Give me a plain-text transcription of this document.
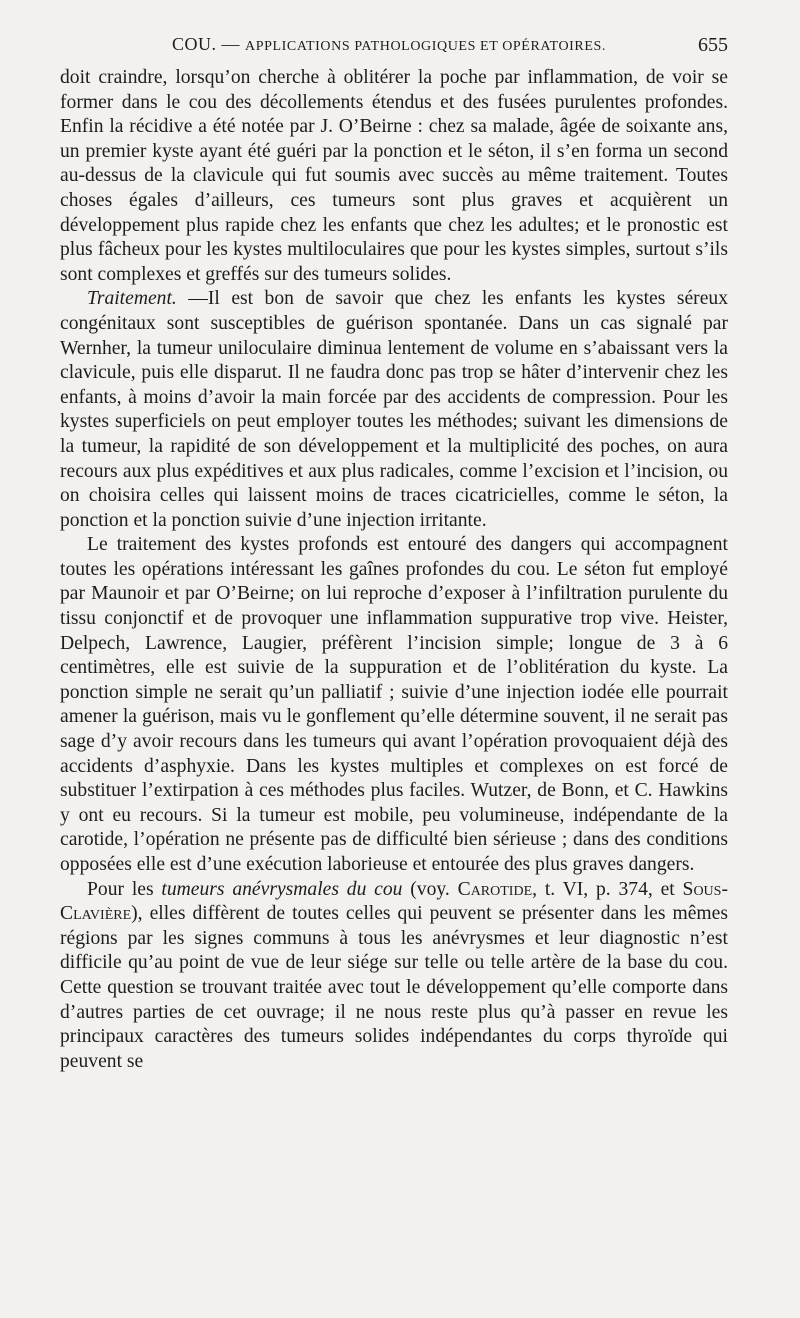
COU. — APPLICATIONS PATHOLOGIQUES ET OPÉRATOIRES.	655

doit craindre, lorsqu’on cherche à oblitérer la poche par inflammation, de voir se former dans le cou des décollements étendus et des fusées purulentes profondes. Enfin la récidive a été notée par J. O’Beirne : chez sa malade, âgée de soixante ans, un premier kyste ayant été guéri par la ponction et le séton, il s’en forma un second au-dessus de la clavicule qui fut soumis avec succès au même traitement. Toutes choses égales d’ailleurs, ces tumeurs sont plus graves et acquièrent un développement plus rapide chez les enfants que chez les adultes; et le pronostic est plus fâcheux pour les kystes multiloculaires que pour les kystes simples, surtout s’ils sont complexes et greffés sur des tumeurs solides.

Traitement. —Il est bon de savoir que chez les enfants les kystes séreux congénitaux sont susceptibles de guérison spontanée. Dans un cas signalé par Wernher, la tumeur uniloculaire diminua lentement de volume en s’abaissant vers la clavicule, puis elle disparut. Il ne faudra donc pas trop se hâter d’intervenir chez les enfants, à moins d’avoir la main forcée par des accidents de compression. Pour les kystes superficiels on peut employer toutes les méthodes; suivant les dimensions de la tumeur, la rapidité de son développement et la multiplicité des poches, on aura recours aux plus expéditives et aux plus radicales, comme l’excision et l’incision, ou on choisira celles qui laissent moins de traces cicatricielles, comme le séton, la ponction et la ponction suivie d’une injection irritante.

Le traitement des kystes profonds est entouré des dangers qui accompagnent toutes les opérations intéressant les gaînes profondes du cou. Le séton fut employé par Maunoir et par O’Beirne; on lui reproche d’exposer à l’infiltration purulente du tissu conjonctif et de provoquer une inflammation suppurative trop vive. Heister, Delpech, Lawrence, Laugier, préfèrent l’incision simple; longue de 3 à 6 centimètres, elle est suivie de la suppuration et de l’oblitération du kyste. La ponction simple ne serait qu’un palliatif ; suivie d’une injection iodée elle pourrait amener la guérison, mais vu le gonflement qu’elle détermine souvent, il ne serait pas sage d’y avoir recours dans les tumeurs qui avant l’opération provoquaient déjà des accidents d’asphyxie. Dans les kystes multiples et complexes on est forcé de substituer l’extirpation à ces méthodes plus faciles. Wutzer, de Bonn, et C. Hawkins y ont eu recours. Si la tumeur est mobile, peu volumineuse, indépendante de la carotide, l’opération ne présente pas de difficulté bien sérieuse ; dans des conditions opposées elle est d’une exécution laborieuse et entourée des plus graves dangers.

Pour les tumeurs anévrysmales du cou (voy. Carotide, t. VI, p. 374, et Sous-Clavière), elles diffèrent de toutes celles qui peuvent se présenter dans les mêmes régions par les signes communs à tous les anévrysmes et leur diagnostic n’est difficile qu’au point de vue de leur siége sur telle ou telle artère de la base du cou. Cette question se trouvant traitée avec tout le développement qu’elle comporte dans d’autres parties de cet ouvrage; il ne nous reste plus qu’à passer en revue les principaux caractères des tumeurs solides indépendantes du corps thyroïde qui peuvent se
